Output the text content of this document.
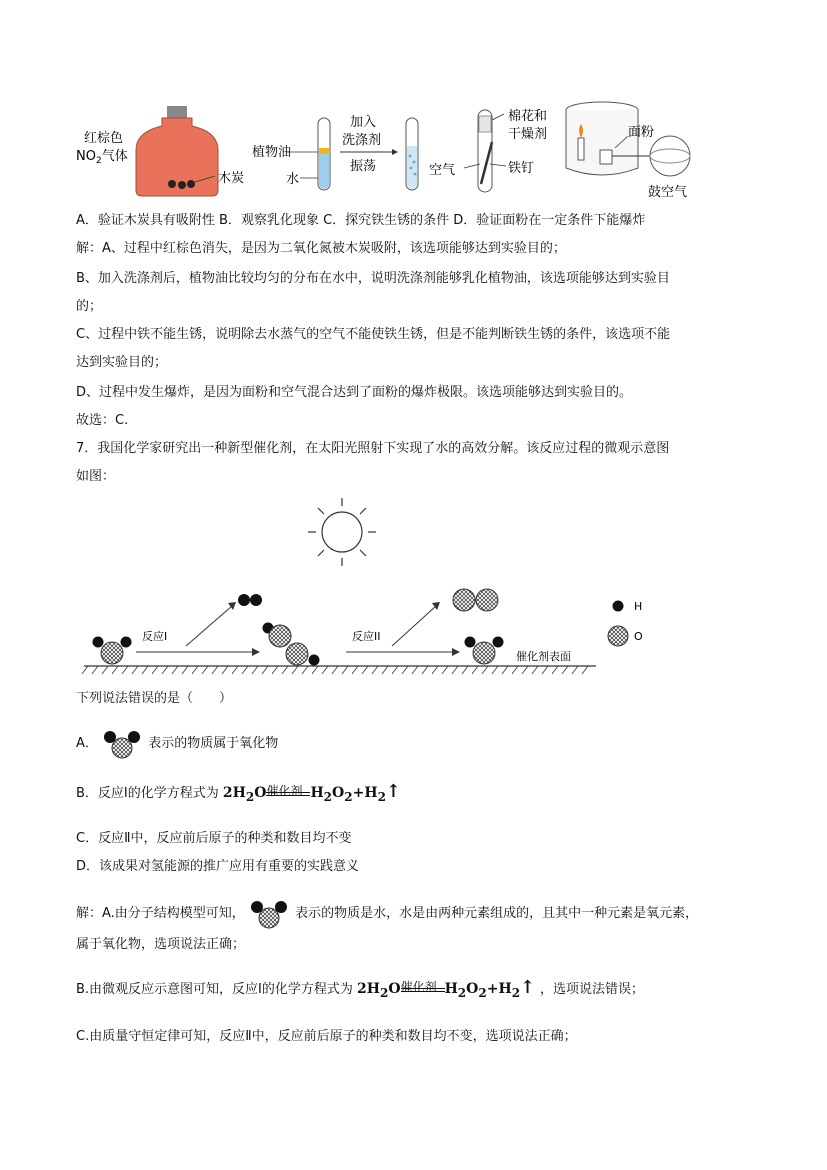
红棕色
$NO_2$气体
木炭
植物油
水
加入
洗涤剂
振荡
棉花和
干燥剂
空气	铁钉
面粉
鼓空气
A．验证木炭具有吸附性 B．观察乳化现象 C．探究铁生锈的条件 D．验证面粉在一定条件下能爆炸
解：A、过程中红棕色消失，是因为二氧化氮被木炭吸附，该选项能够达到实验目的；
B、加入洗涤剂后，植物油比较均匀的分布在水中，说明洗涤剂能够乳化植物油，该选项能够达到实验目
的；
C、过程中铁不能生锈，说明除去水蒸气的空气不能使铁生锈，但是不能判断铁生锈的条件，该选项不能
达到实验目的；
D、过程中发生爆炸，是因为面粉和空气混合达到了面粉的爆炸极限。该选项能够达到实验目的。
故选：C.
7．我国化学家研究出一种新型催化剂，在太阳光照射下实现了水的高效分解。该反应过程的微观示意图
如图：
催化剂表面
反应I	反应II
H
O
下列说法错误的是（　　）
A．	表示的物质属于氧化物
B．反应Ⅰ的化学方程式为 $2H_2O$ 催化剂 $H_2O_2+H_2↑$
C．反应Ⅱ中，反应前后原子的种类和数目均不变
D．该成果对氢能源的推广应用有重要的实践意义
解：A.由分子结构模型可知，	表示的物质是水，水是由两种元素组成的，且其中一种元素是氧元素，
属于氧化物，选项说法正确；
B.由微观反应示意图可知，反应Ⅰ的化学方程式为 $2H_2O$ 催化剂 $H_2O_2+H_2↑$ ，选项说法错误；
C.由质量守恒定律可知，反应Ⅱ中，反应前后原子的种类和数目均不变，选项说法正确；
